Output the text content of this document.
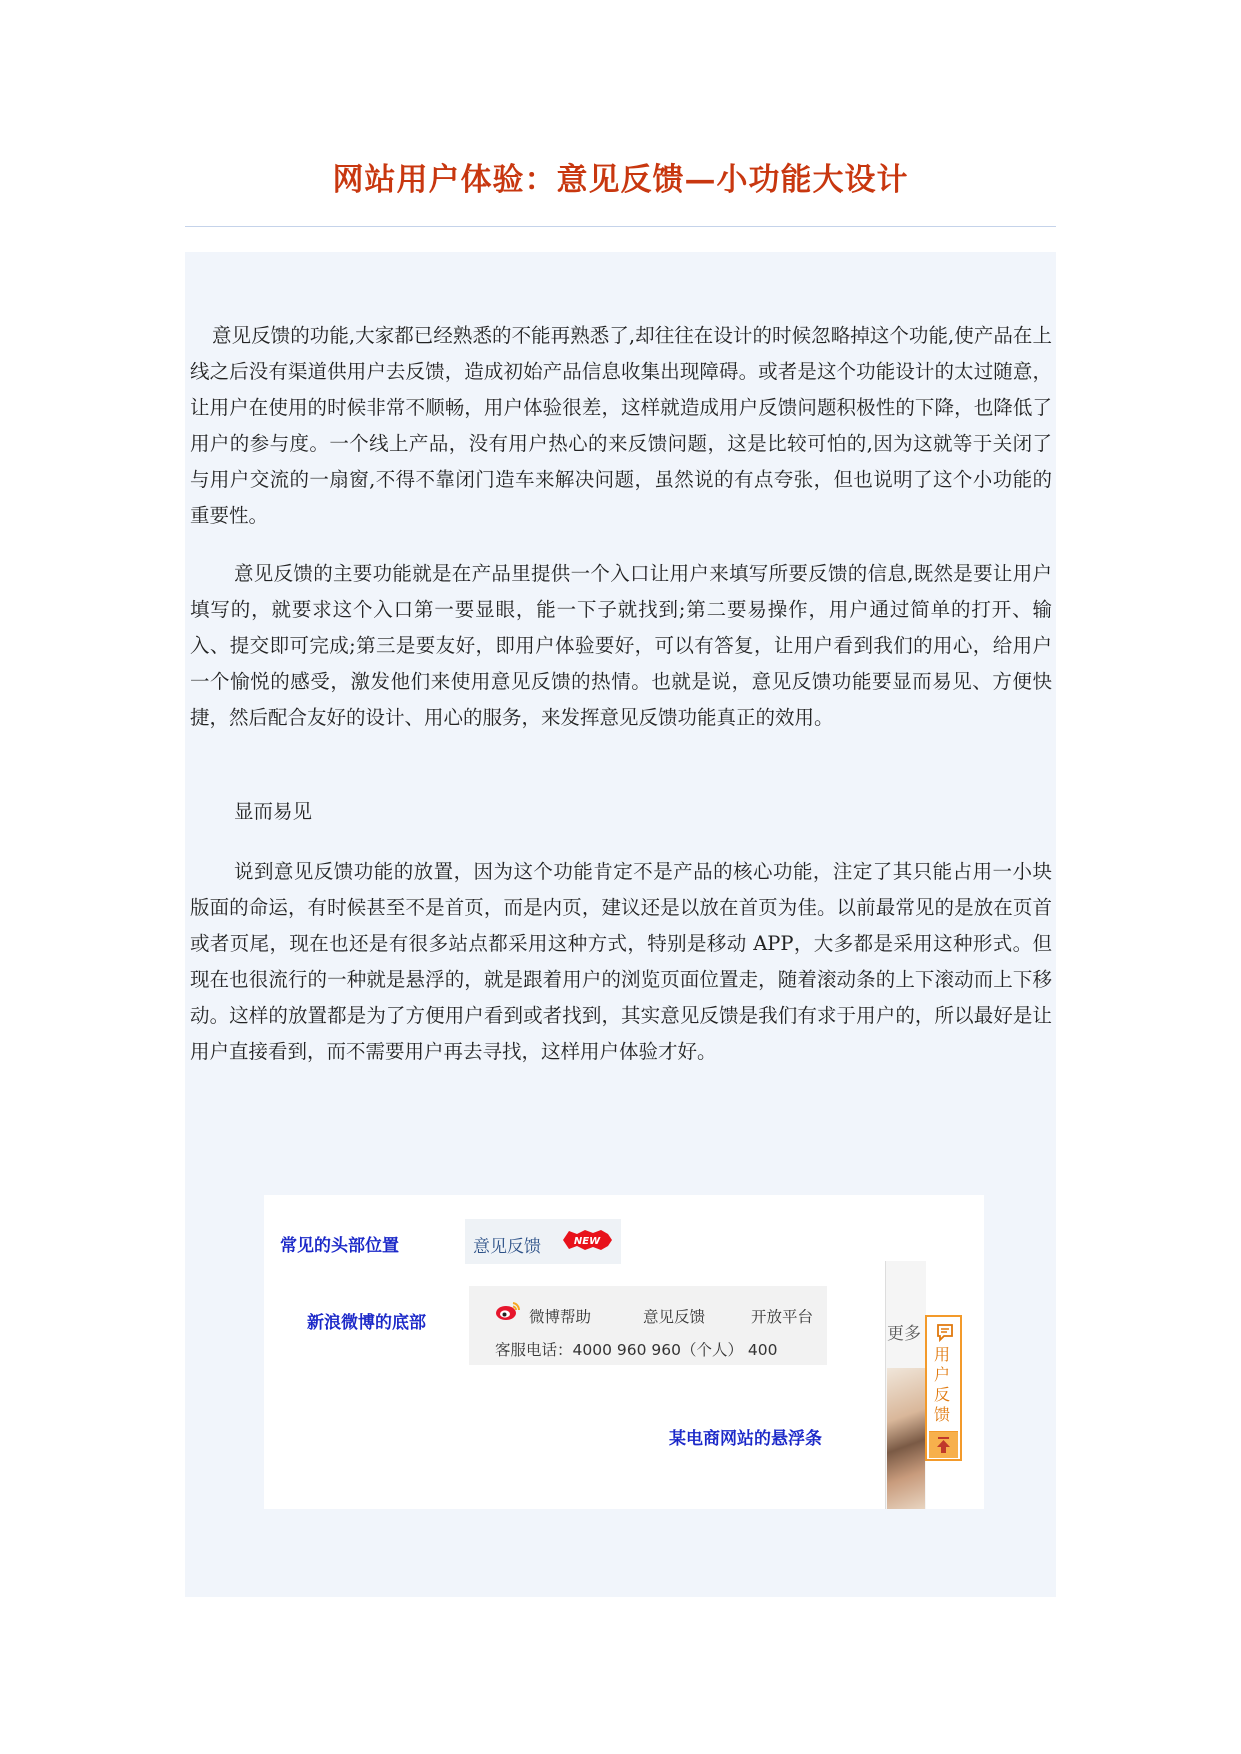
网站用户体验：意见反馈—小功能大设计

意见反馈的功能,大家都已经熟悉的不能再熟悉了,却往往在设计的时候忽略掉这个功能,使产品在上线之后没有渠道供用户去反馈，造成初始产品信息收集出现障碍。或者是这个功能设计的太过随意，让用户在使用的时候非常不顺畅，用户体验很差，这样就造成用户反馈问题积极性的下降，也降低了用户的参与度。一个线上产品，没有用户热心的来反馈问题，这是比较可怕的,因为这就等于关闭了与用户交流的一扇窗,不得不靠闭门造车来解决问题，虽然说的有点夸张，但也说明了这个小功能的重要性。

意见反馈的主要功能就是在产品里提供一个入口让用户来填写所要反馈的信息,既然是要让用户填写的，就要求这个入口第一要显眼，能一下子就找到;第二要易操作，用户通过简单的打开、输入、提交即可完成;第三是要友好，即用户体验要好，可以有答复，让用户看到我们的用心，给用户一个愉悦的感受，激发他们来使用意见反馈的热情。也就是说，意见反馈功能要显而易见、方便快捷，然后配合友好的设计、用心的服务，来发挥意见反馈功能真正的效用。

显而易见

说到意见反馈功能的放置，因为这个功能肯定不是产品的核心功能，注定了其只能占用一小块版面的命运，有时候甚至不是首页，而是内页，建议还是以放在首页为佳。以前最常见的是放在页首或者页尾，现在也还是有很多站点都采用这种方式，特别是移动 APP，大多都是采用这种形式。但现在也很流行的一种就是悬浮的，就是跟着用户的浏览页面位置走，随着滚动条的上下滚动而上下移动。这样的放置都是为了方便用户看到或者找到，其实意见反馈是我们有求于用户的，所以最好是让用户直接看到，而不需要用户再去寻找，这样用户体验才好。

常见的头部位置	意见反馈	NEW
新浪微博的底部	微博帮助	意见反馈	开放平台
客服电话：4000 960 960（个人） 400
更多
用户反馈
某电商网站的悬浮条
